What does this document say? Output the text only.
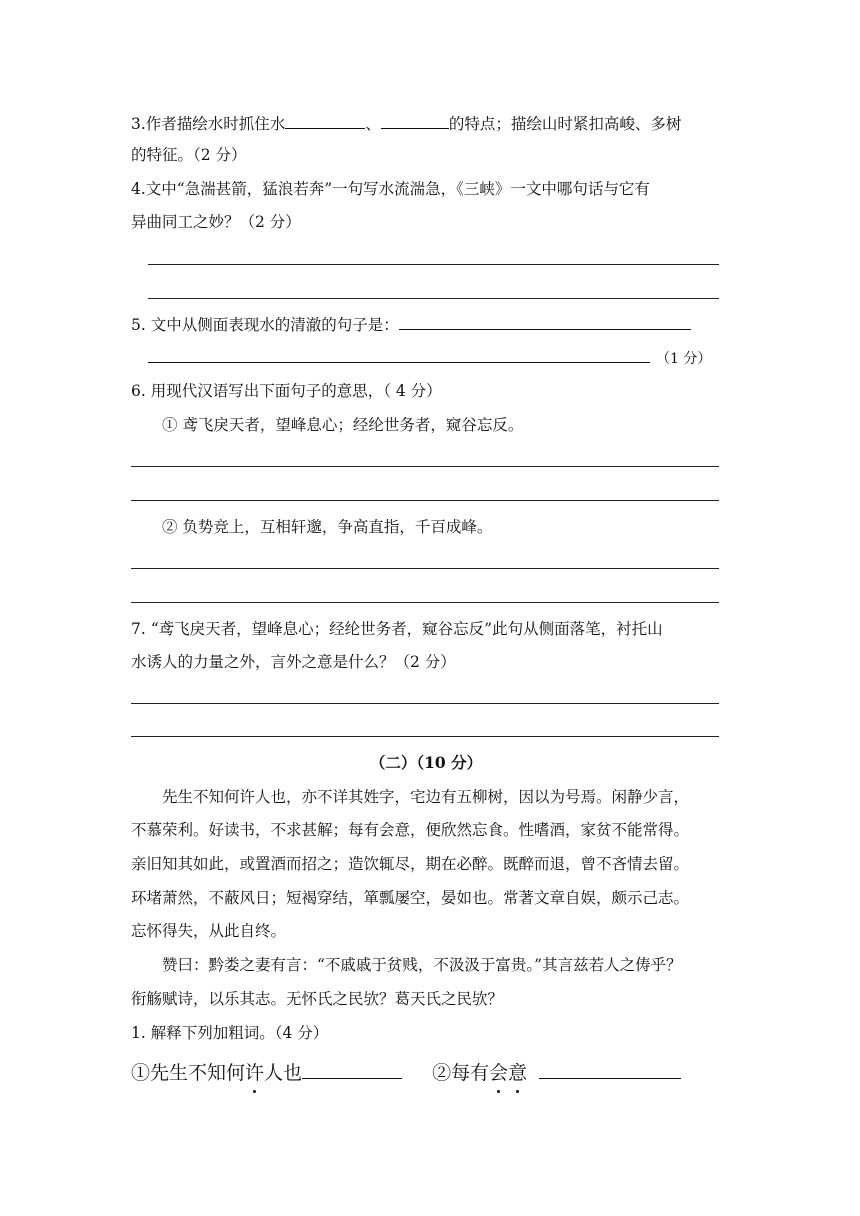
3.作者描绘水时抓住水	、	的特点；描绘山时紧扣高峻、多树
的特征。（2 分）
4.文中“急湍甚箭，猛浪若奔”一句写水流湍急，《三峡》一文中哪句话与它有
异曲同工之妙？（2 分）
5. 文中从侧面表现水的清澈的句子是：
（1 分）
6. 用现代汉语写出下面句子的意思，（ 4 分）
① 鸢飞戾天者，望峰息心；经纶世务者，窥谷忘反。
② 负势竞上，互相轩邈，争高直指，千百成峰。
7. “鸢飞戾天者，望峰息心；经纶世务者，窥谷忘反”此句从侧面落笔，衬托山
水诱人的力量之外，言外之意是什么？（2 分）
（二）（10 分）
先生不知何许人也，亦不详其姓字，宅边有五柳树，因以为号焉。闲静少言，
不慕荣利。好读书，不求甚解；每有会意，便欣然忘食。性嗜酒，家贫不能常得。
亲旧知其如此，或置酒而招之；造饮辄尽，期在必醉。既醉而退，曾不吝情去留。
环堵萧然，不蔽风日；短褐穿结，箪瓢屡空，晏如也。常著文章自娱，颇示己志。
忘怀得失，从此自终。
赞曰：黔娄之妻有言：“不戚戚于贫贱，不汲汲于富贵。”其言兹若人之俦乎？
衔觞赋诗，以乐其志。无怀氏之民欤？葛天氏之民欤？
1. 解释下列加粗词。（4 分）
①先生不知何许人也	②每有会意
